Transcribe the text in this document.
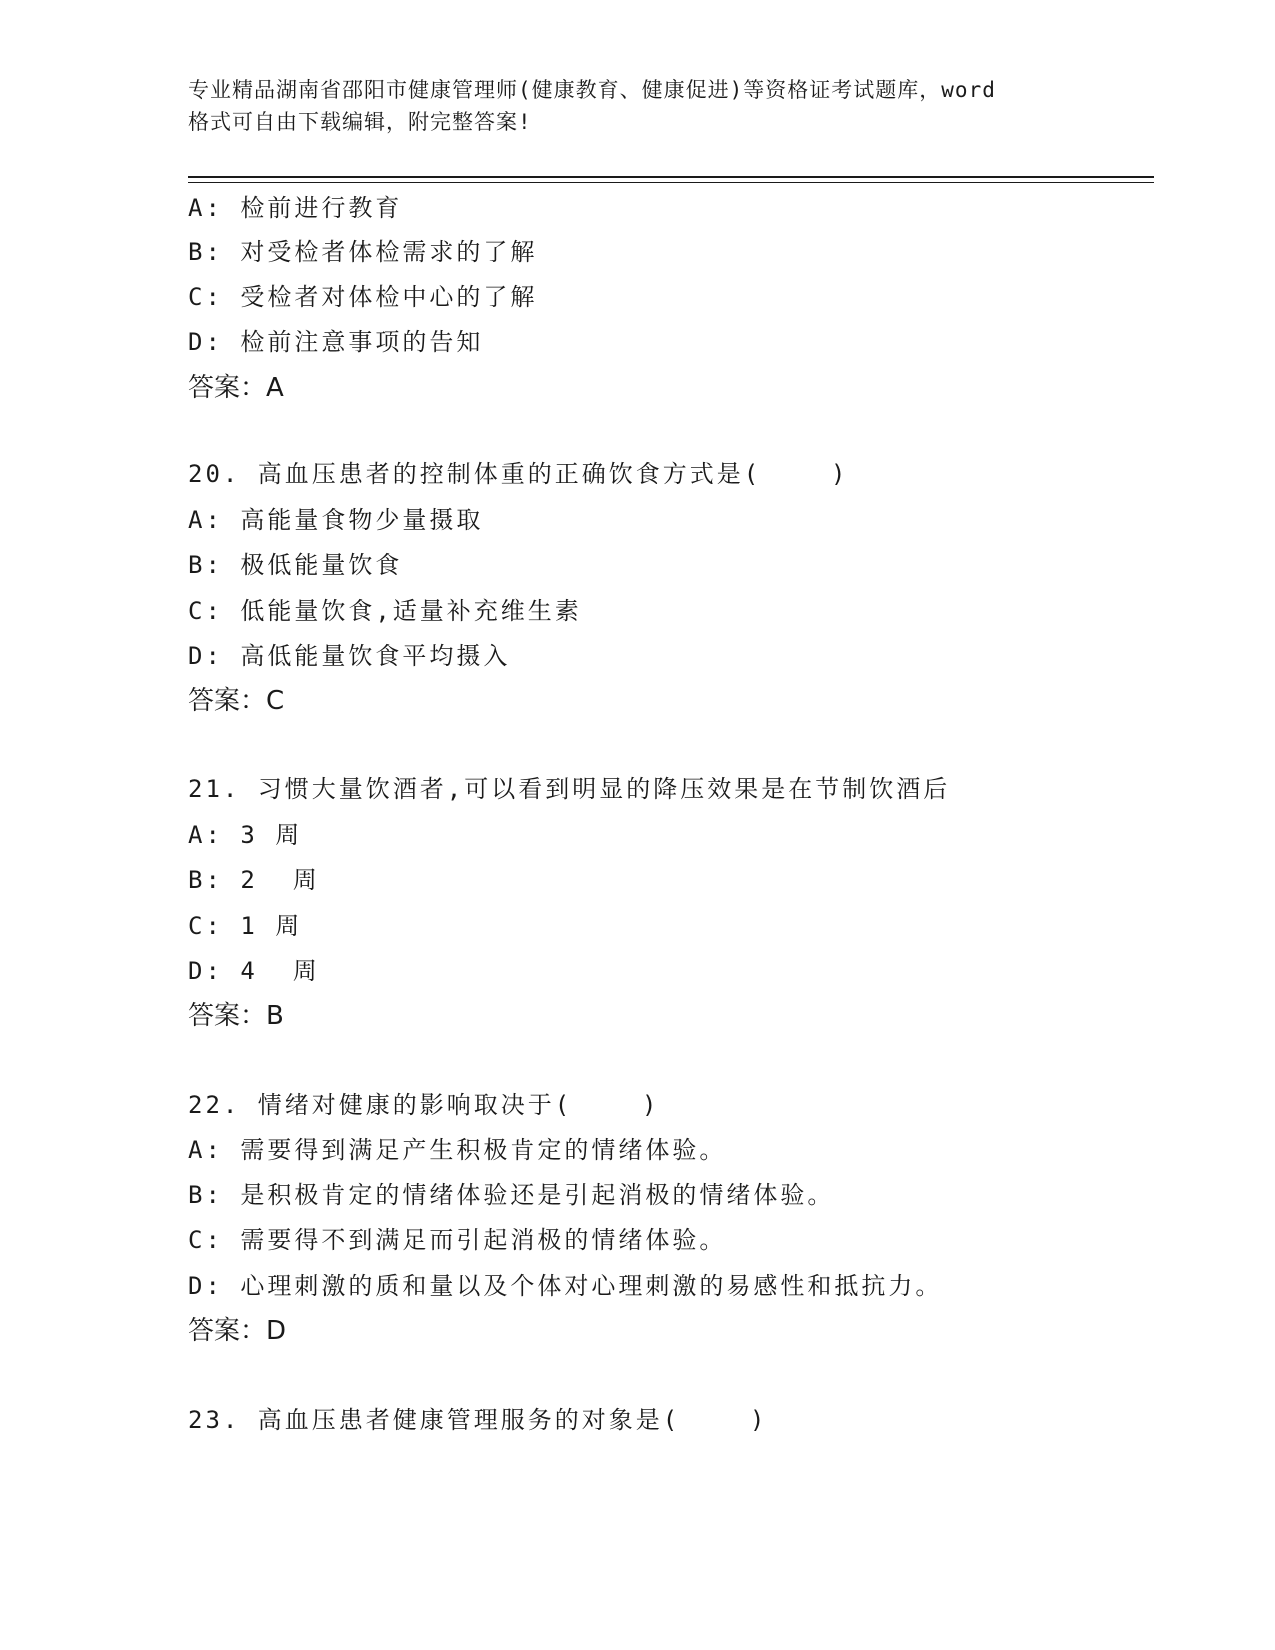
专业精品湖南省邵阳市健康管理师(健康教育、健康促进)等资格证考试题库，word
格式可自由下载编辑，附完整答案!

A: 检前进行教育

B: 对受检者体检需求的了解

C: 受检者对体检中心的了解

D: 检前注意事项的告知

答案：A

20. 高血压患者的控制体重的正确饮食方式是(    )

A: 高能量食物少量摄取

B: 极低能量饮食

C: 低能量饮食,适量补充维生素

D: 高低能量饮食平均摄入

答案：C

21. 习惯大量饮酒者,可以看到明显的降压效果是在节制饮酒后

A: 3 周

B: 2  周

C: 1 周

D: 4  周

答案：B

22. 情绪对健康的影响取决于(    )

A: 需要得到满足产生积极肯定的情绪体验。

B: 是积极肯定的情绪体验还是引起消极的情绪体验。

C: 需要得不到满足而引起消极的情绪体验。

D: 心理刺激的质和量以及个体对心理刺激的易感性和抵抗力。

答案：D

23. 高血压患者健康管理服务的对象是(    )
